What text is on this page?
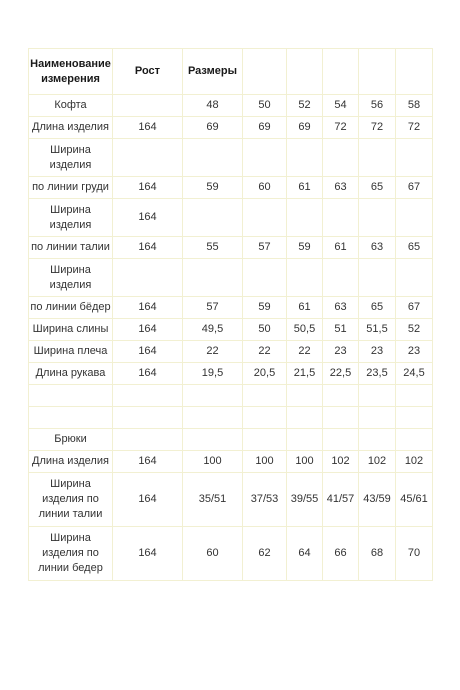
Наименование измерения	Рост	Размеры					
Кофта		48	50	52	54	56	58
Длина изделия	164	69	69	69	72	72	72
Ширина изделия							
по линии груди	164	59	60	61	63	65	67
Ширина изделия	164						
по линии талии	164	55	57	59	61	63	65
Ширина изделия							
по линии бёдер	164	57	59	61	63	65	67
Ширина слины	164	49,5	50	50,5	51	51,5	52
Ширина плеча	164	22	22	22	23	23	23
Длина рукава	164	19,5	20,5	21,5	22,5	23,5	24,5

Брюки							
Длина изделия	164	100	100	100	102	102	102
Ширина изделия по линии талии	164	35/51	37/53	39/55	41/57	43/59	45/61
Ширина изделия по линии бедер	164	60	62	64	66	68	70
